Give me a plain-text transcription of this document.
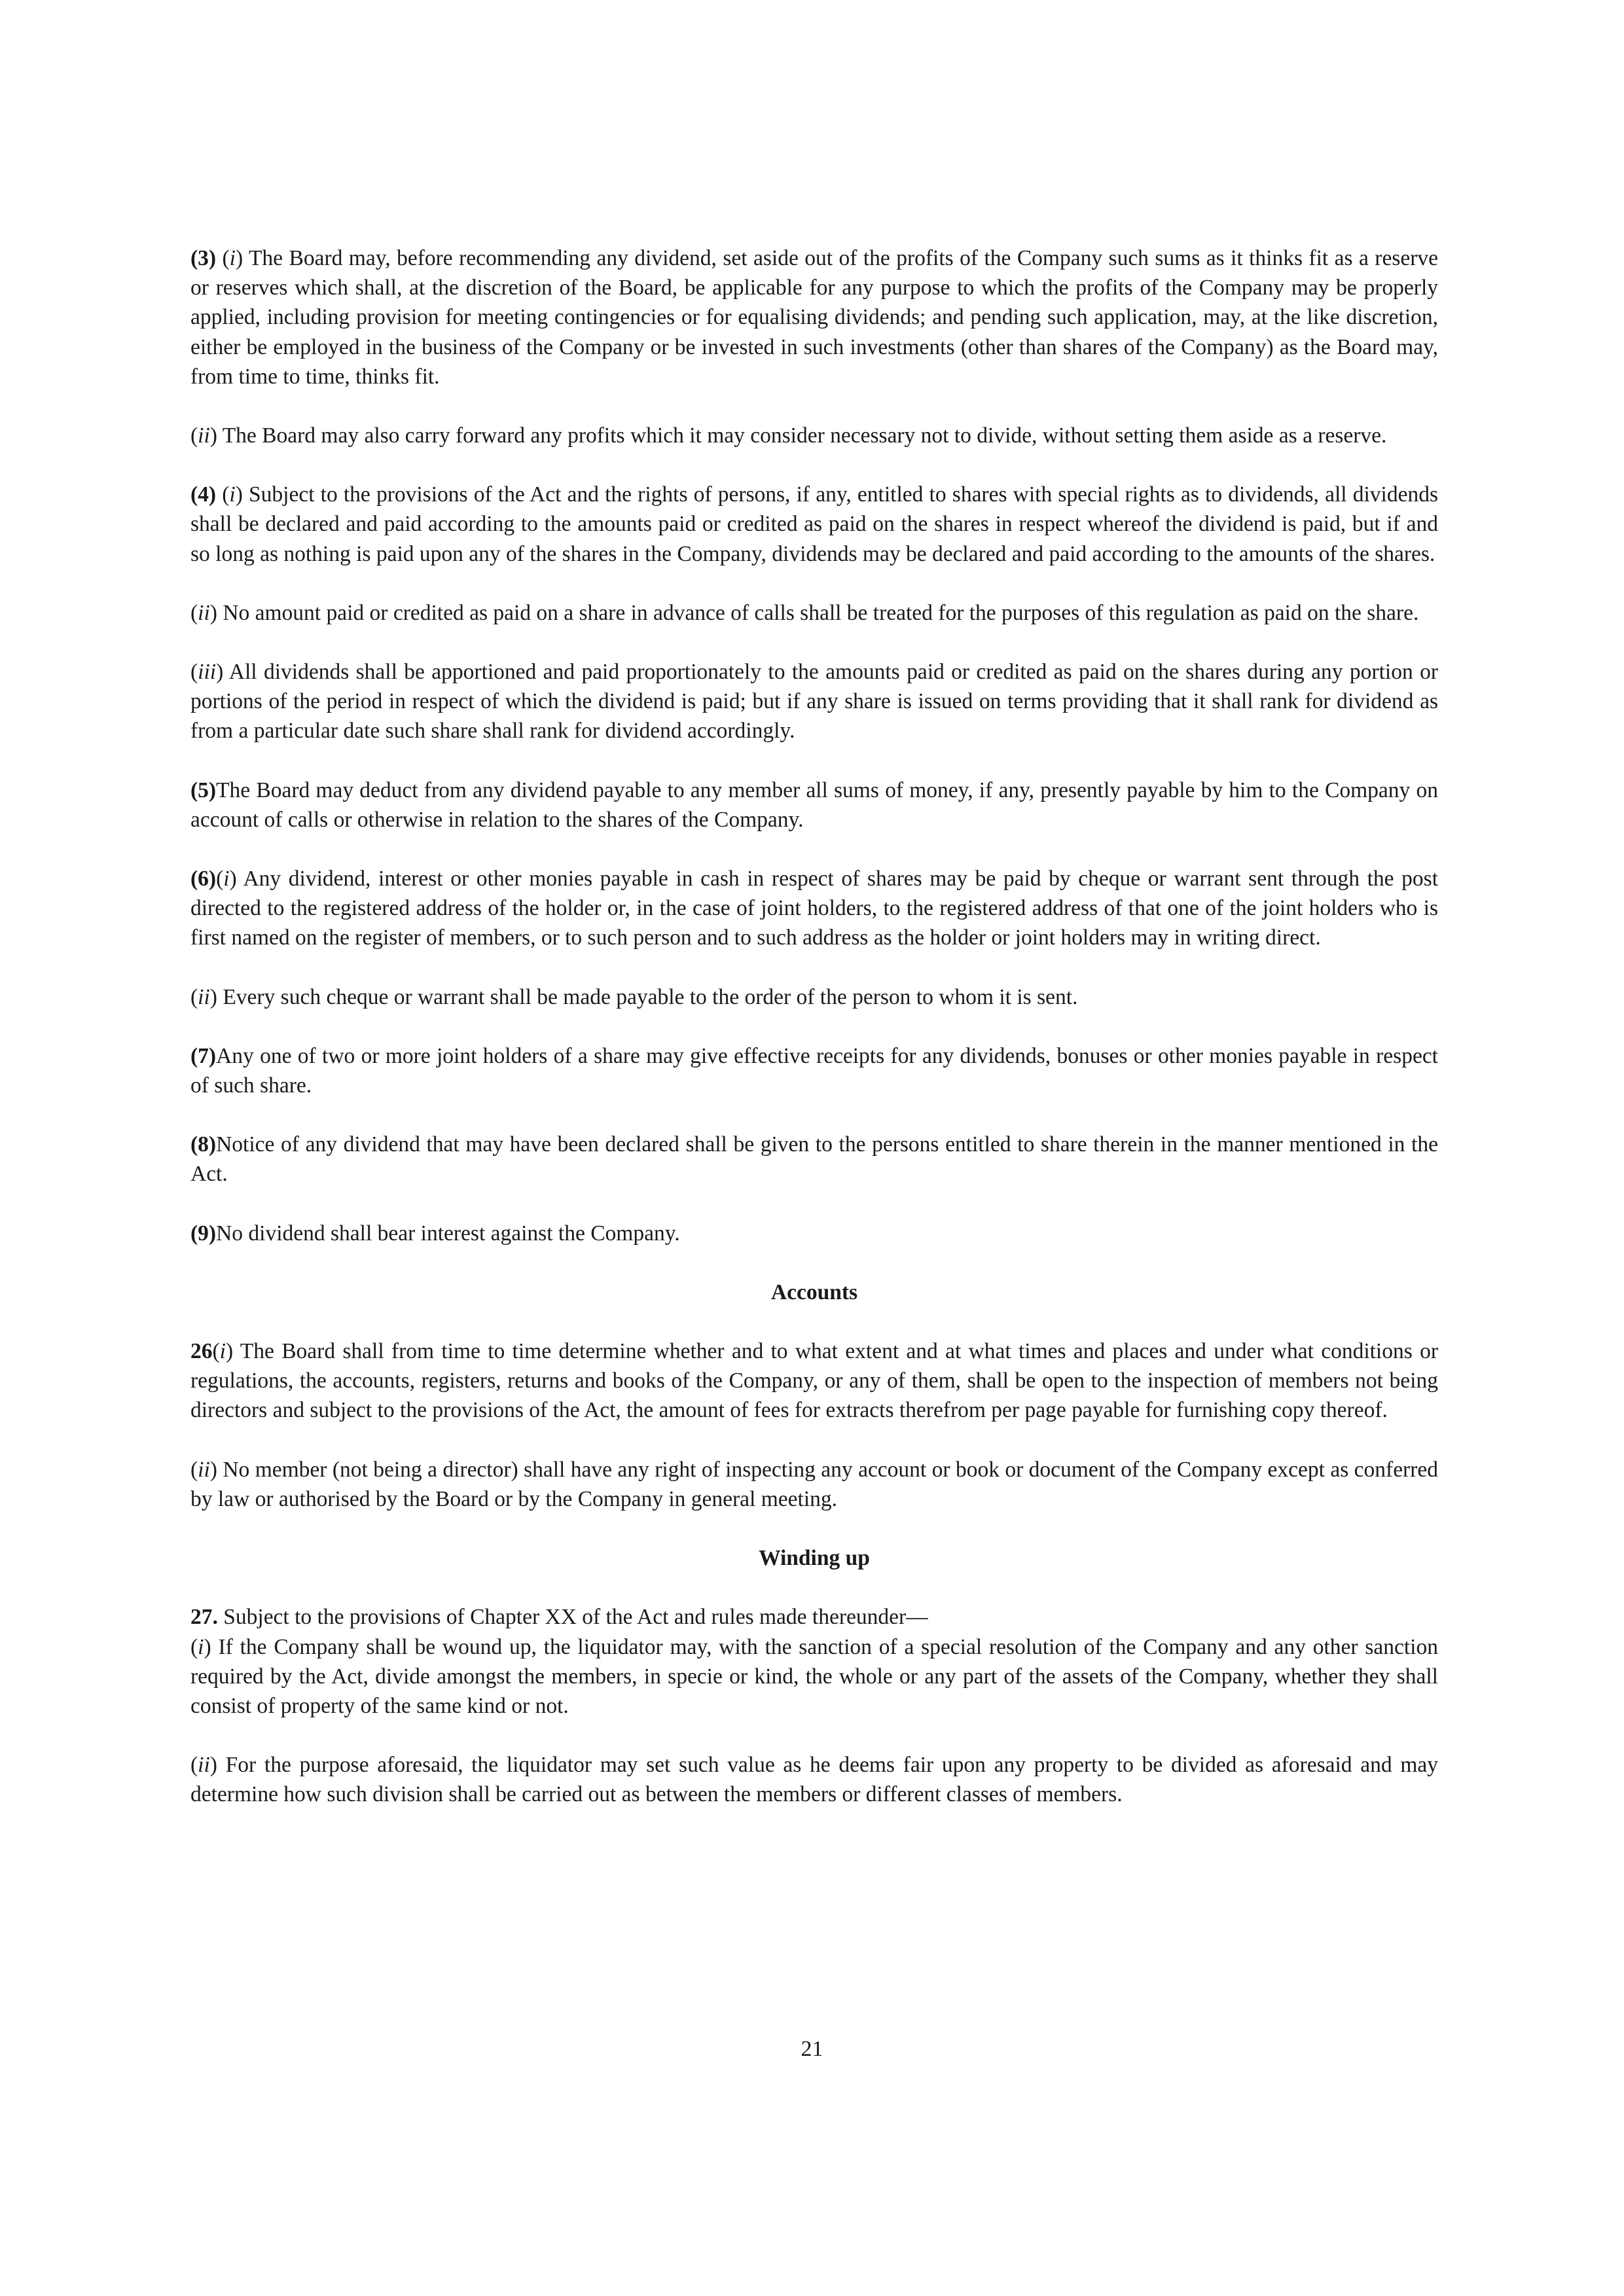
(3) (i) The Board may, before recommending any dividend, set aside out of the profits of the Company such sums as it thinks fit as a reserve or reserves which shall, at the discretion of the Board, be applicable for any purpose to which the profits of the Company may be properly applied, including provision for meeting contingencies or for equalising dividends; and pending such application, may, at the like discretion, either be employed in the business of the Company or be invested in such investments (other than shares of the Company) as the Board may, from time to time, thinks fit.

(ii) The Board may also carry forward any profits which it may consider necessary not to divide, without setting them aside as a reserve.

(4) (i) Subject to the provisions of the Act and the rights of persons, if any, entitled to shares with special rights as to dividends, all dividends shall be declared and paid according to the amounts paid or credited as paid on the shares in respect whereof the dividend is paid, but if and so long as nothing is paid upon any of the shares in the Company, dividends may be declared and paid according to the amounts of the shares.

(ii) No amount paid or credited as paid on a share in advance of calls shall be treated for the purposes of this regulation as paid on the share.

(iii) All dividends shall be apportioned and paid proportionately to the amounts paid or credited as paid on the shares during any portion or portions of the period in respect of which the dividend is paid; but if any share is issued on terms providing that it shall rank for dividend as from a particular date such share shall rank for dividend accordingly.

(5)The Board may deduct from any dividend payable to any member all sums of money, if any, presently payable by him to the Company on account of calls or otherwise in relation to the shares of the Company.

(6)(i) Any dividend, interest or other monies payable in cash in respect of shares may be paid by cheque or warrant sent through the post directed to the registered address of the holder or, in the case of joint holders, to the registered address of that one of the joint holders who is first named on the register of members, or to such person and to such address as the holder or joint holders may in writing direct.

(ii) Every such cheque or warrant shall be made payable to the order of the person to whom it is sent.

(7)Any one of two or more joint holders of a share may give effective receipts for any dividends, bonuses or other monies payable in respect of such share.

(8)Notice of any dividend that may have been declared shall be given to the persons entitled to share therein in the manner mentioned in the Act.

(9)No dividend shall bear interest against the Company.

Accounts

26(i) The Board shall from time to time determine whether and to what extent and at what times and places and under what conditions or regulations, the accounts, registers, returns and books of the Company, or any of them, shall be open to the inspection of members not being directors and subject to the provisions of the Act, the amount of fees for extracts therefrom per page payable for furnishing copy thereof.

(ii) No member (not being a director) shall have any right of inspecting any account or book or document of the Company except as conferred by law or authorised by the Board or by the Company in general meeting.

Winding up

27. Subject to the provisions of Chapter XX of the Act and rules made thereunder—

(i) If the Company shall be wound up, the liquidator may, with the sanction of a special resolution of the Company and any other sanction required by the Act, divide amongst the members, in specie or kind, the whole or any part of the assets of the Company, whether they shall consist of property of the same kind or not.

(ii) For the purpose aforesaid, the liquidator may set such value as he deems fair upon any property to be divided as aforesaid and may determine how such division shall be carried out as between the members or different classes of members.

21
